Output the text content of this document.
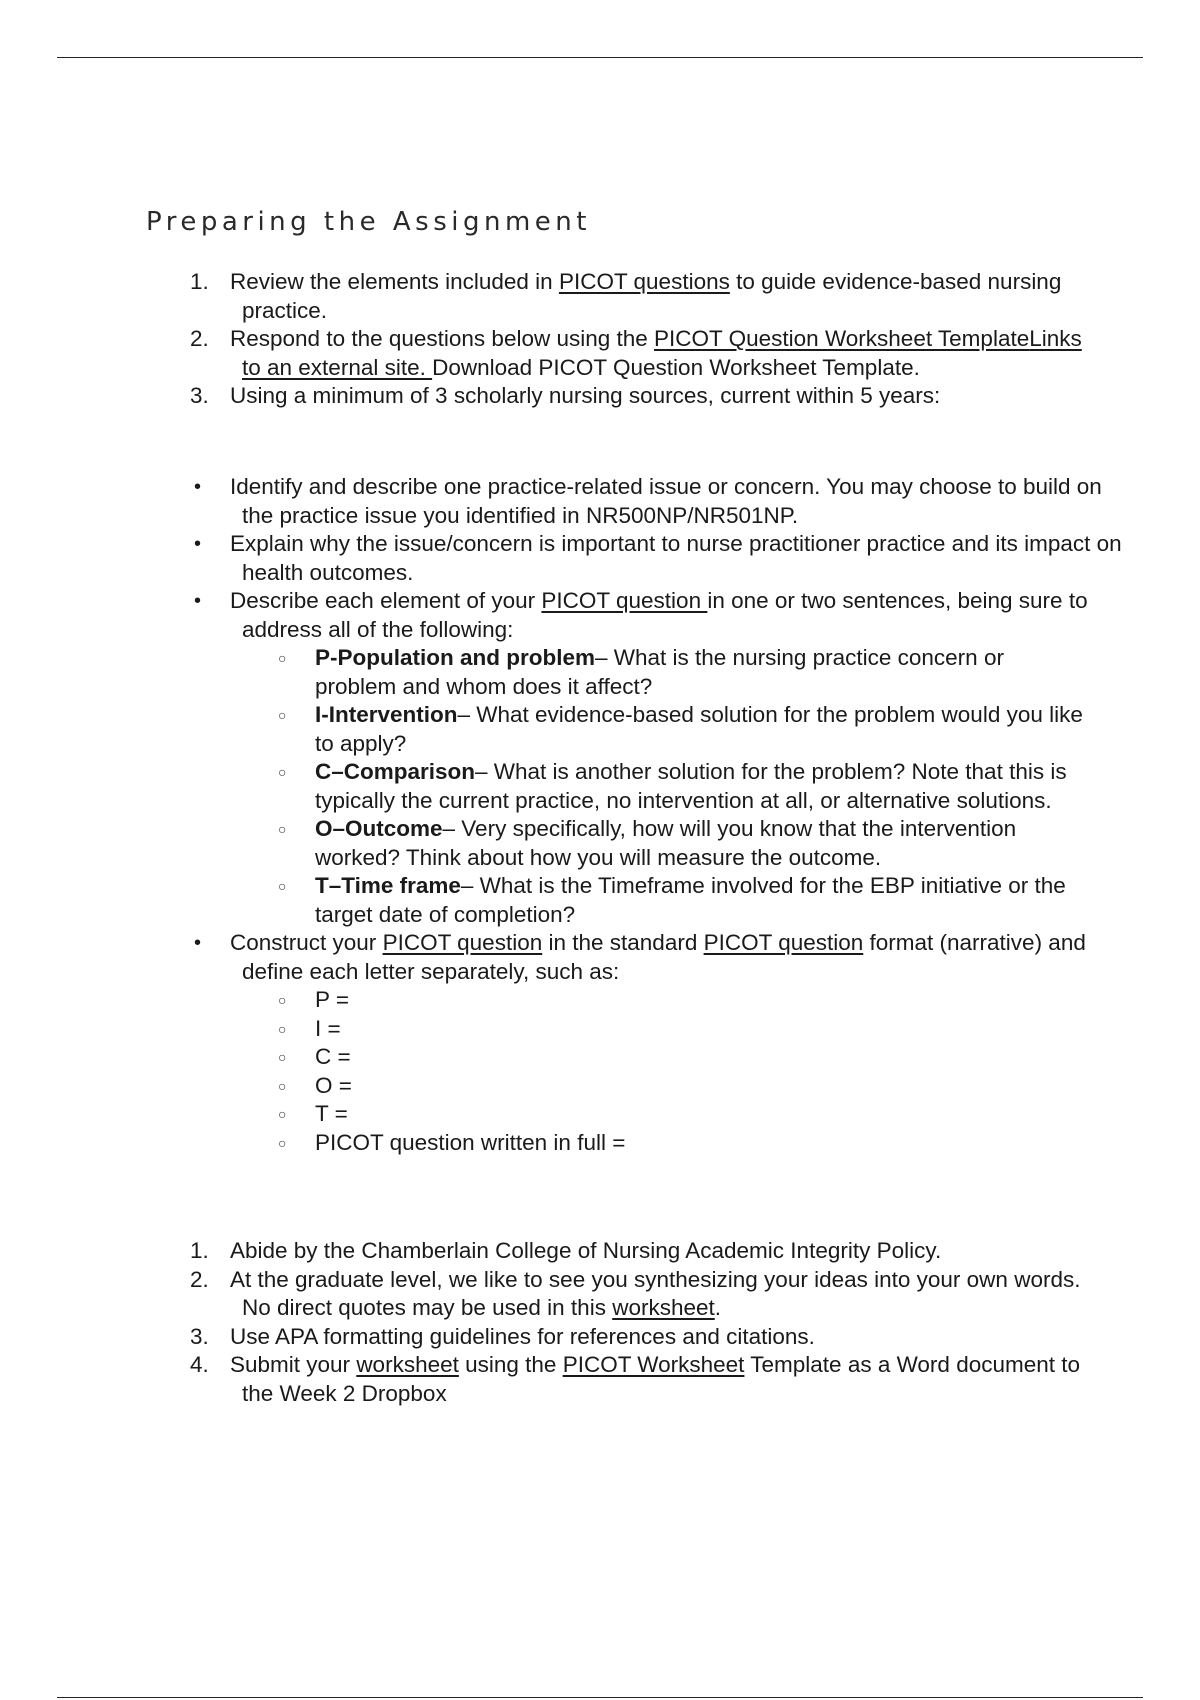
Preparing the Assignment
1. Review the elements included in PICOT questions to guide evidence-based nursing practice.
2. Respond to the questions below using the PICOT Question Worksheet TemplateLinks to an external site. Download PICOT Question Worksheet Template.
3. Using a minimum of 3 scholarly nursing sources, current within 5 years:
•	Identify and describe one practice-related issue or concern. You may choose to build on the practice issue you identified in NR500NP/NR501NP.
•	Explain why the issue/concern is important to nurse practitioner practice and its impact on health outcomes.
•	Describe each element of your PICOT question in one or two sentences, being sure to address all of the following:
○ P-Population and problem– What is the nursing practice concern or problem and whom does it affect?
○ I-Intervention– What evidence-based solution for the problem would you like to apply?
○ C–Comparison– What is another solution for the problem? Note that this is typically the current practice, no intervention at all, or alternative solutions.
○ O–Outcome– Very specifically, how will you know that the intervention worked? Think about how you will measure the outcome.
○ T–Time frame– What is the Timeframe involved for the EBP initiative or the target date of completion?
•	Construct your PICOT question in the standard PICOT question format (narrative) and define each letter separately, such as:
○ P =
○ I =
○ C =
○ O =
○ T =
○ PICOT question written in full =
1. Abide by the Chamberlain College of Nursing Academic Integrity Policy.
2. At the graduate level, we like to see you synthesizing your ideas into your own words. No direct quotes may be used in this worksheet.
3. Use APA formatting guidelines for references and citations.
4. Submit your worksheet using the PICOT Worksheet Template as a Word document to the Week 2 Dropbox
